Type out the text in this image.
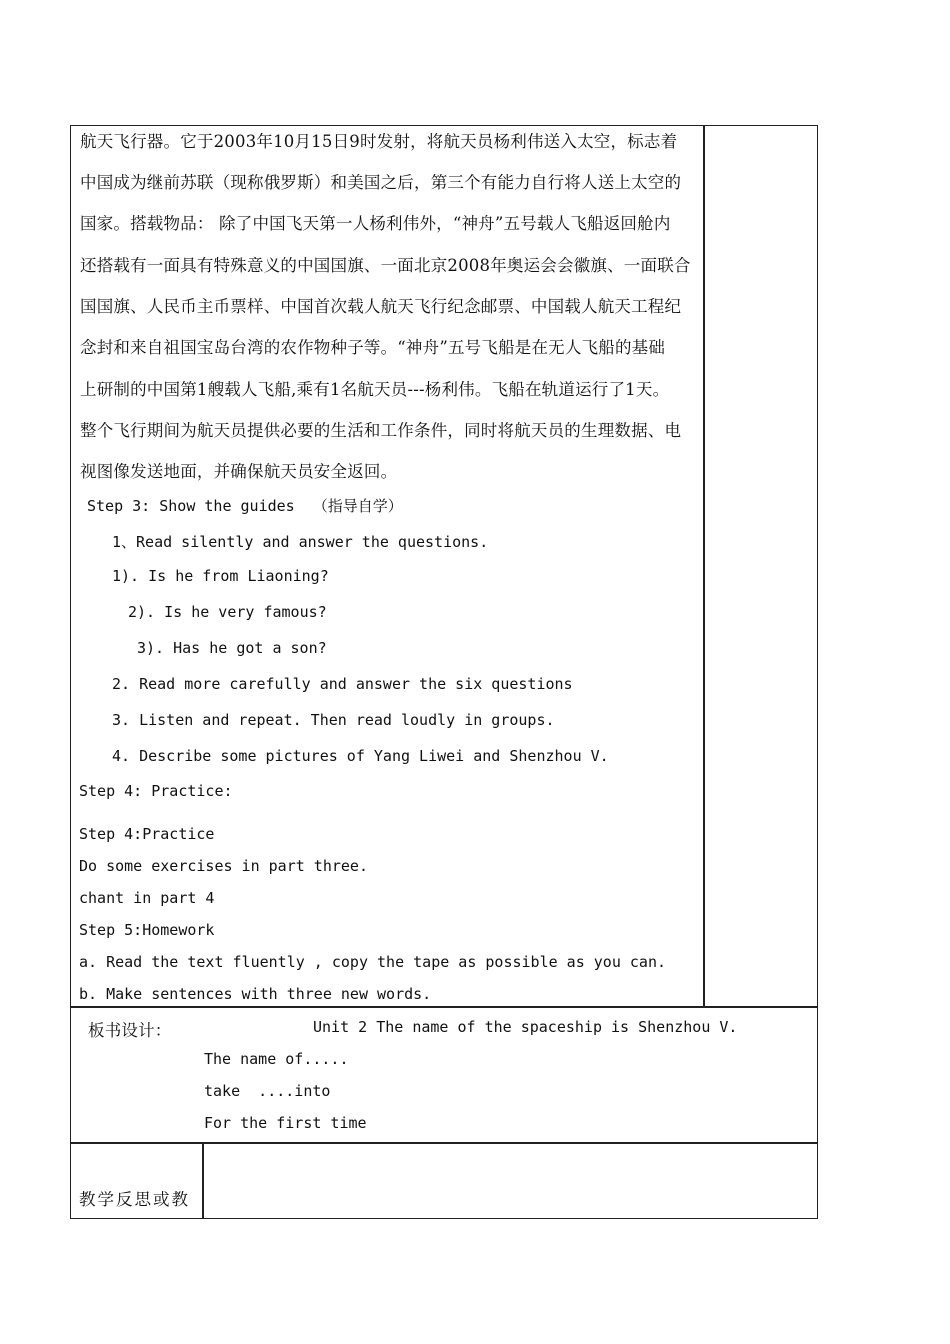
航天飞行器。它于2003年10月15日9时发射，将航天员杨利伟送入太空，标志着
中国成为继前苏联（现称俄罗斯）和美国之后，第三个有能力自行将人送上太空的
国家。搭载物品： 除了中国飞天第一人杨利伟外，“神舟”五号载人飞船返回舱内
还搭载有一面具有特殊意义的中国国旗、一面北京2008年奥运会会徽旗、一面联合
国国旗、人民币主币票样、中国首次载人航天飞行纪念邮票、中国载人航天工程纪
念封和来自祖国宝岛台湾的农作物种子等。“神舟”五号飞船是在无人飞船的基础
上研制的中国第1艘载人飞船,乘有1名航天员---杨利伟。飞船在轨道运行了1天。
整个飞行期间为航天员提供必要的生活和工作条件，同时将航天员的生理数据、电
视图像发送地面，并确保航天员安全返回。
Step 3: Show the guides  （指导自学）
1、Read silently and answer the questions.
1). Is he from Liaoning?
2). Is he very famous?
3). Has he got a son?
2. Read more carefully and answer the six questions
3. Listen and repeat. Then read loudly in groups.
4. Describe some pictures of Yang Liwei and Shenzhou V.
Step 4: Practice:
Step 4:Practice
Do some exercises in part three.
chant in part 4
Step 5:Homework
a. Read the text fluently , copy the tape as possible as you can.
b. Make sentences with three new words.
板书设计：	Unit 2 The name of the spaceship is Shenzhou V.
The name of.....
take  ....into
For the first time
教学反思或教
